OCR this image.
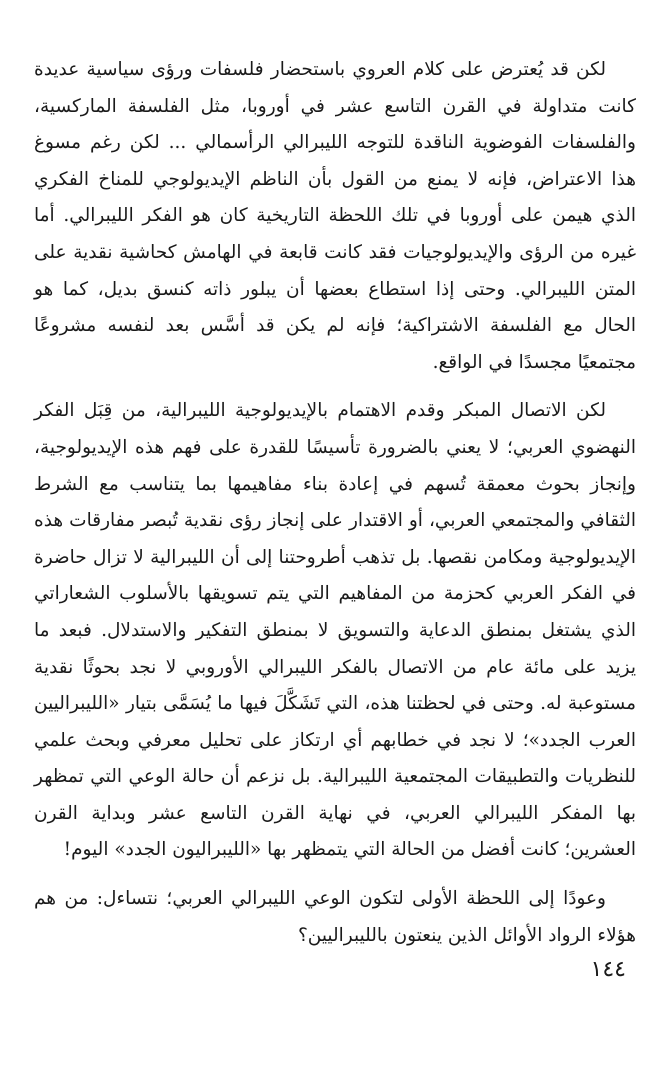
لكن قد يُعترض على كلام العروي باستحضار فلسفات ورؤى سياسية عديدة كانت متداولة في القرن التاسع عشر في أوروبا، مثل الفلسفة الماركسية، والفلسفات الفوضوية الناقدة للتوجه الليبرالي الرأسمالي ... لكن رغم مسوغ هذا الاعتراض، فإنه لا يمنع من القول بأن الناظم الإيديولوجي للمناخ الفكري الذي هيمن على أوروبا في تلك اللحظة التاريخية كان هو الفكر الليبرالي. أما غيره من الرؤى والإيديولوجيات فقد كانت قابعة في الهامش كحاشية نقدية على المتن الليبرالي. وحتى إذا استطاع بعضها أن يبلور ذاته كنسق بديل، كما هو الحال مع الفلسفة الاشتراكية؛ فإنه لم يكن قد أسَّس بعد لنفسه مشروعًا مجتمعيًا مجسدًا في الواقع.

لكن الاتصال المبكر وقدم الاهتمام بالإيديولوجية الليبرالية، من قِبَل الفكر النهضوي العربي؛ لا يعني بالضرورة تأسيسًا للقدرة على فهم هذه الإيديولوجية، وإنجاز بحوث معمقة تُسهم في إعادة بناء مفاهيمها بما يتناسب مع الشرط الثقافي والمجتمعي العربي، أو الاقتدار على إنجاز رؤى نقدية تُبصر مفارقات هذه الإيديولوجية ومكامن نقصها. بل تذهب أطروحتنا إلى أن الليبرالية لا تزال حاضرة في الفكر العربي كحزمة من المفاهيم التي يتم تسويقها بالأسلوب الشعاراتي الذي يشتغل بمنطق الدعاية والتسويق لا بمنطق التفكير والاستدلال. فبعد ما يزيد على مائة عام من الاتصال بالفكر الليبرالي الأوروبي لا نجد بحوثًا نقدية مستوعبة له. وحتى في لحظتنا هذه، التي تَشَكَّلَ فيها ما يُسَمَّى بتيار «الليبراليين العرب الجدد»؛ لا نجد في خطابهم أي ارتكاز على تحليل معرفي وبحث علمي للنظريات والتطبيقات المجتمعية الليبرالية. بل نزعم أن حالة الوعي التي تمظهر بها المفكر الليبرالي العربي، في نهاية القرن التاسع عشر وبداية القرن العشرين؛ كانت أفضل من الحالة التي يتمظهر بها «الليبراليون الجدد» اليوم!

وعودًا إلى اللحظة الأولى لتكون الوعي الليبرالي العربي؛ نتساءل: من هم هؤلاء الرواد الأوائل الذين ينعتون بالليبراليين؟

١٤٤
